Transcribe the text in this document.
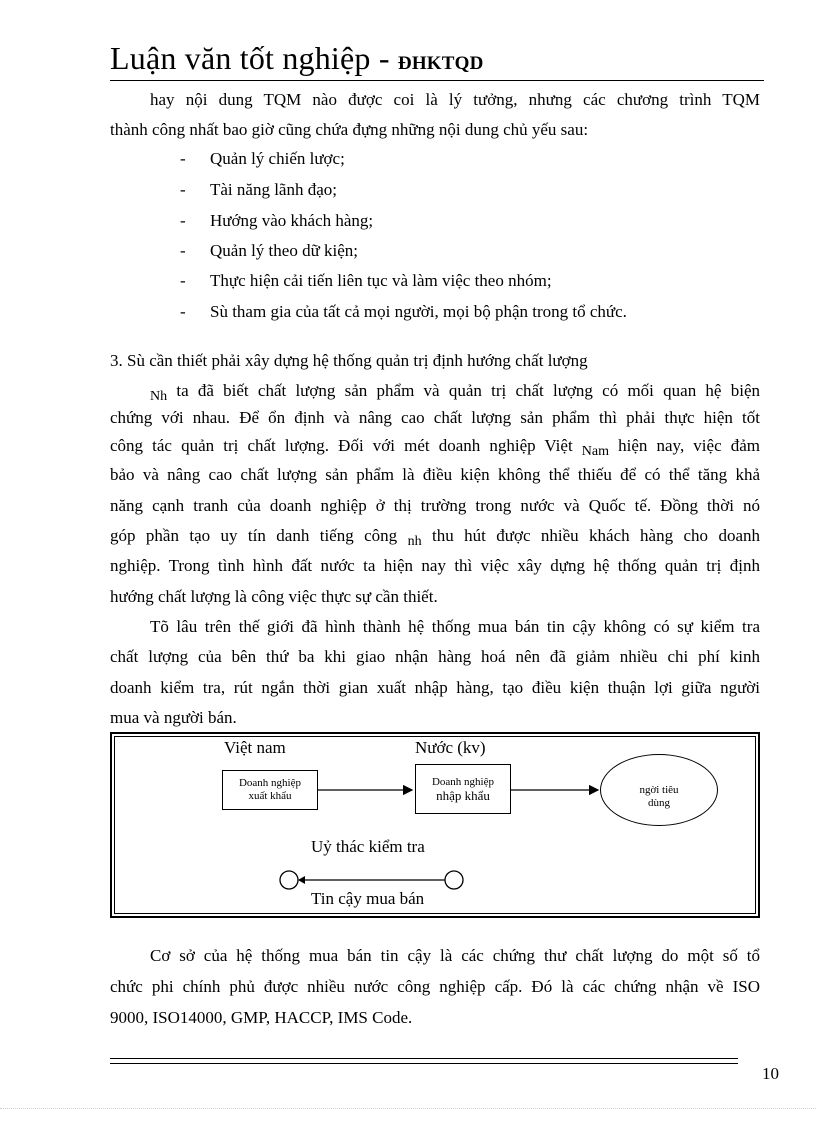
Luận văn tốt nghiệp - ĐHKTQD
hay nội dung TQM nào được coi là lý tưởng, nhưng các chương trình TQM
thành công nhất bao giờ cũng chứa đựng những nội dung chủ yếu sau:
- Quản lý chiến lược;
- Tài năng lãnh đạo;
- Hướng vào khách hàng;
- Quản lý theo dữ kiện;
- Thực hiện cải tiến liên tục và làm việc theo nhóm;
- Sù tham gia của tất cả mọi người, mọi bộ phận trong tổ chức.
3. Sù cần thiết phải xây dựng hệ thống quản trị định hướng chất lượng
$_{Nh}$ ta đã biết chất lượng sản phẩm và quản trị chất lượng có mối quan hệ biện
chứng với nhau. Để ổn định và nâng cao chất lượng sản phẩm thì phải thực hiện tốt
công tác quản trị chất lượng. Đối với mét doanh nghiệp Việt $_{Nam}$ hiện nay, việc đảm
bảo và nâng cao chất lượng sản phẩm là điều kiện không thể thiếu để có thể tăng khả
năng cạnh tranh của doanh nghiệp ở thị trường trong nước và Quốc tế. Đồng thời nó
góp phần tạo uy tín danh tiếng công $_{nh}$ thu hút được nhiều khách hàng cho doanh
nghiệp. Trong tình hình đất nước ta hiện nay thì việc xây dựng hệ thống quản trị định
hướng chất lượng là công việc thực sự cần thiết.
Tõ lâu trên thế giới đã hình thành hệ thống mua bán tin cậy không có sự kiểm tra
chất lượng của bên thứ ba khi giao nhận hàng hoá nên đã giảm nhiều chi phí kinh
doanh kiểm tra, rút ngắn thời gian xuất nhập hàng, tạo điều kiện thuận lợi giữa người
mua và người bán.
Việt nam	Nước (kv)
Doanh nghiệp
xuất khẩu
Doanh nghiệp
nhập khẩu	ngời tiêu
dùng
Uỷ thác kiểm tra
Tin cậy mua bán
Cơ sở của hệ thống mua bán tin cậy là các chứng thư chất lượng do một số tổ
chức phi chính phủ được nhiều nước công nghiệp cấp. Đó là các chứng nhận về ISO
9000, ISO14000, GMP, HACCP, IMS Code.
10
